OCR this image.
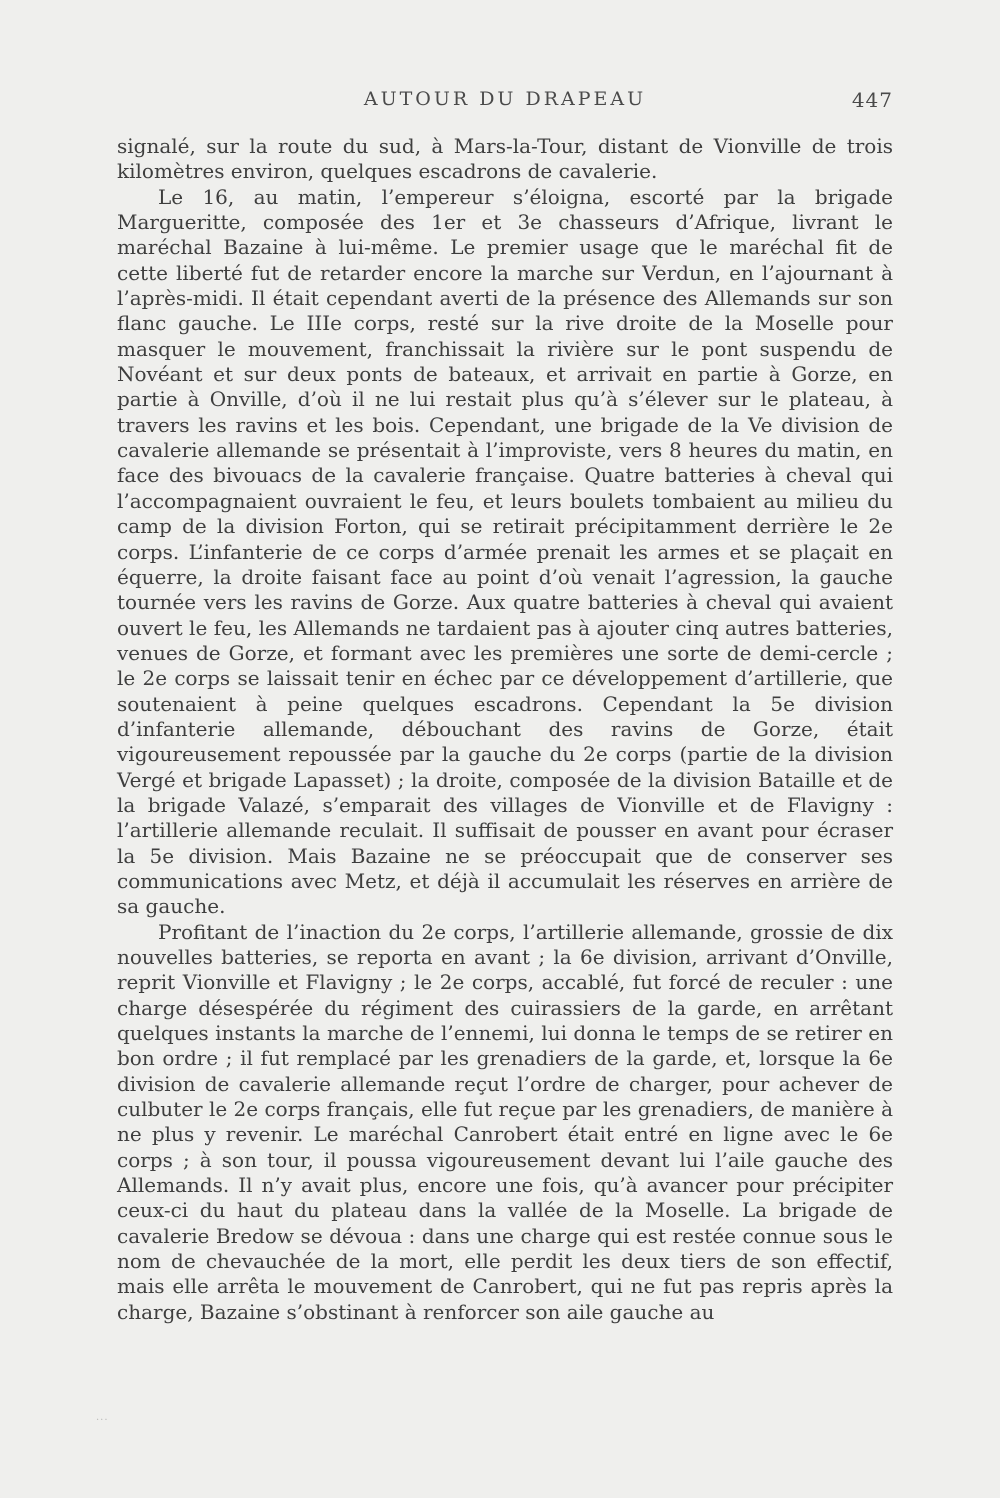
AUTOUR DU DRAPEAU	447

signalé, sur la route du sud, à Mars-la-Tour, distant de Vionville de trois kilomètres environ, quelques escadrons de cavalerie.

Le 16, au matin, l’empereur s’éloigna, escorté par la brigade Margueritte, composée des 1er et 3e chasseurs d’Afrique, livrant le maréchal Bazaine à lui-même. Le premier usage que le maréchal fit de cette liberté fut de retarder encore la marche sur Verdun, en l’ajournant à l’après-midi. Il était cependant averti de la présence des Allemands sur son flanc gauche. Le IIIe corps, resté sur la rive droite de la Moselle pour masquer le mouvement, franchissait la rivière sur le pont suspendu de Novéant et sur deux ponts de bateaux, et arrivait en partie à Gorze, en partie à Onville, d’où il ne lui restait plus qu’à s’élever sur le plateau, à travers les ravins et les bois. Cependant, une brigade de la Ve division de cavalerie allemande se présentait à l’improviste, vers 8 heures du matin, en face des bivouacs de la cavalerie française. Quatre batteries à cheval qui l’accompagnaient ouvraient le feu, et leurs boulets tombaient au milieu du camp de la division Forton, qui se retirait précipitamment derrière le 2e corps. L’infanterie de ce corps d’armée prenait les armes et se plaçait en équerre, la droite faisant face au point d’où venait l’agression, la gauche tournée vers les ravins de Gorze. Aux quatre batteries à cheval qui avaient ouvert le feu, les Allemands ne tardaient pas à ajouter cinq autres batteries, venues de Gorze, et formant avec les premières une sorte de demi-cercle ; le 2e corps se laissait tenir en échec par ce développement d’artillerie, que soutenaient à peine quelques escadrons. Cependant la 5e division d’infanterie allemande, débouchant des ravins de Gorze, était vigoureusement repoussée par la gauche du 2e corps (partie de la division Vergé et brigade Lapasset) ; la droite, composée de la division Bataille et de la brigade Valazé, s’emparait des villages de Vionville et de Flavigny : l’artillerie allemande reculait. Il suffisait de pousser en avant pour écraser la 5e division. Mais Bazaine ne se préoccupait que de conserver ses communications avec Metz, et déjà il accumulait les réserves en arrière de sa gauche.

Profitant de l’inaction du 2e corps, l’artillerie allemande, grossie de dix nouvelles batteries, se reporta en avant ; la 6e division, arrivant d’Onville, reprit Vionville et Flavigny ; le 2e corps, accablé, fut forcé de reculer : une charge désespérée du régiment des cuirassiers de la garde, en arrêtant quelques instants la marche de l’ennemi, lui donna le temps de se retirer en bon ordre ; il fut remplacé par les grenadiers de la garde, et, lorsque la 6e division de cavalerie allemande reçut l’ordre de charger, pour achever de culbuter le 2e corps français, elle fut reçue par les grenadiers, de manière à ne plus y revenir. Le maréchal Canrobert était entré en ligne avec le 6e corps ; à son tour, il poussa vigoureusement devant lui l’aile gauche des Allemands. Il n’y avait plus, encore une fois, qu’à avancer pour précipiter ceux-ci du haut du plateau dans la vallée de la Moselle. La brigade de cavalerie Bredow se dévoua : dans une charge qui est restée connue sous le nom de chevauchée de la mort, elle perdit les deux tiers de son effectif, mais elle arrêta le mouvement de Canrobert, qui ne fut pas repris après la charge, Bazaine s’obstinant à renforcer son aile gauche au

...
